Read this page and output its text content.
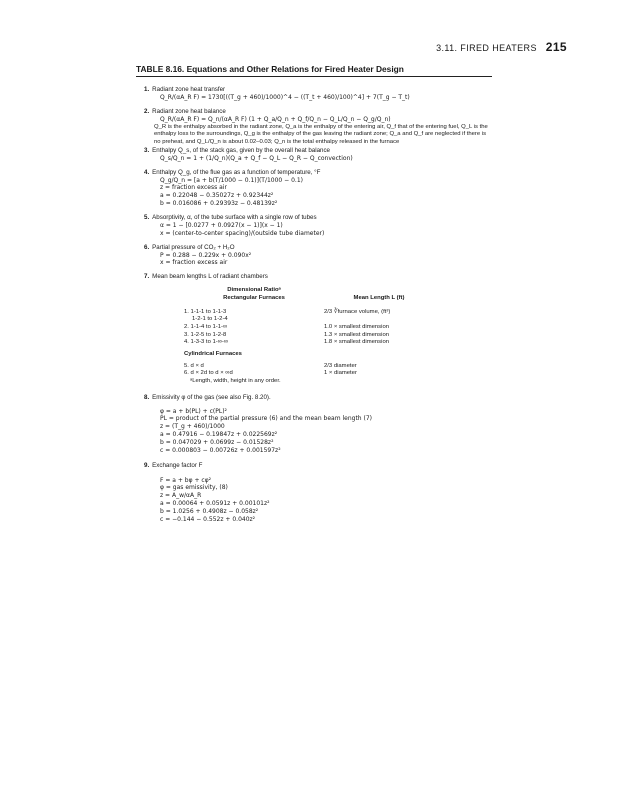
3.11. FIRED HEATERS 215
TABLE 8.16. Equations and Other Relations for Fired Heater Design
1. Radiant zone heat transfer
Q_R/(αA_R F) = 1730[((T_g + 460)/1000)^4 − ((T_t + 460)/100)^4] + 7(T_g − T_t)
2. Radiant zone heat balance
Q_R/(αA_R F) = Q_n/(αA_R F) (1 + Q_a/Q_n + Q_f/Q_n − Q_L/Q_n − Q_g/Q_n)
Q_R is the enthalpy absorbed in the radiant zone, Q_a is the enthalpy of the entering air, Q_f that of the entering fuel, Q_L is the enthalpy loss to the surroundings, Q_g is the enthalpy of the gas leaving the radiant zone; Q_a and Q_f are neglected if there is no preheat, and Q_L/Q_n is about 0.02–0.03; Q_n is the total enthalpy released in the furnace
3. Enthalpy Q_s, of the stack gas, given by the overall heat balance
Q_s/Q_n = 1 + (1/Q_n)(Q_a + Q_f − Q_L − Q_R − Q_convection)
4. Enthalpy Q_g, of the flue gas as a function of temperature, °F
Q_g/Q_n = [a + b(T/1000 − 0.1)](T/1000 − 0.1)
z = fraction excess air
a = 0.22048 − 0.35027z + 0.92344z²
b = 0.016086 + 0.29393z − 0.48139z²
5. Absorptivity, α, of the tube surface with a single row of tubes
α = 1 − [0.0277 + 0.0927(x − 1)](x − 1)
x = (center-to-center spacing)/(outside tube diameter)
6. Partial pressure of CO₂ + H₂O
P = 0.288 − 0.229x + 0.090x²
x = fraction excess air
7. Mean beam lengths L of radiant chambers
Dimensional Ratioᵃ
Rectangular Furnaces	Mean Length L (ft)
1. 1-1-1 to 1-1-3	2/3 ∛furnace volume, (ft³)
1-2-1 to 1-2-4
2. 1-1-4 to 1-1-∞	1.0 × smallest dimension
3. 1-2-5 to 1-2-8	1.3 × smallest dimension
4. 1-3-3 to 1-∞-∞	1.8 × smallest dimension
Cylindrical Furnaces
5. d × d	2/3 diameter
6. d × 2d to d × ∞d	1 × diameter
ᵃLength, width, height in any order.
8. Emissivity φ of the gas (see also Fig. 8.20).
φ = a + b(PL) + c(PL)²
PL = product of the partial pressure (6) and the mean beam length (7)
z = (T_g + 460)/1000
a = 0.47916 − 0.19847z + 0.022569z²
b = 0.047029 + 0.0699z − 0.01528z²
c = 0.000803 − 0.00726z + 0.001597z²
9. Exchange factor F
F = a + bφ + cφ²
φ = gas emissivity, (8)
z = A_w/αA_R
a = 0.00064 + 0.0591z + 0.00101z²
b = 1.0256 + 0.4908z − 0.058z²
c = −0.144 − 0.552z + 0.040z²
